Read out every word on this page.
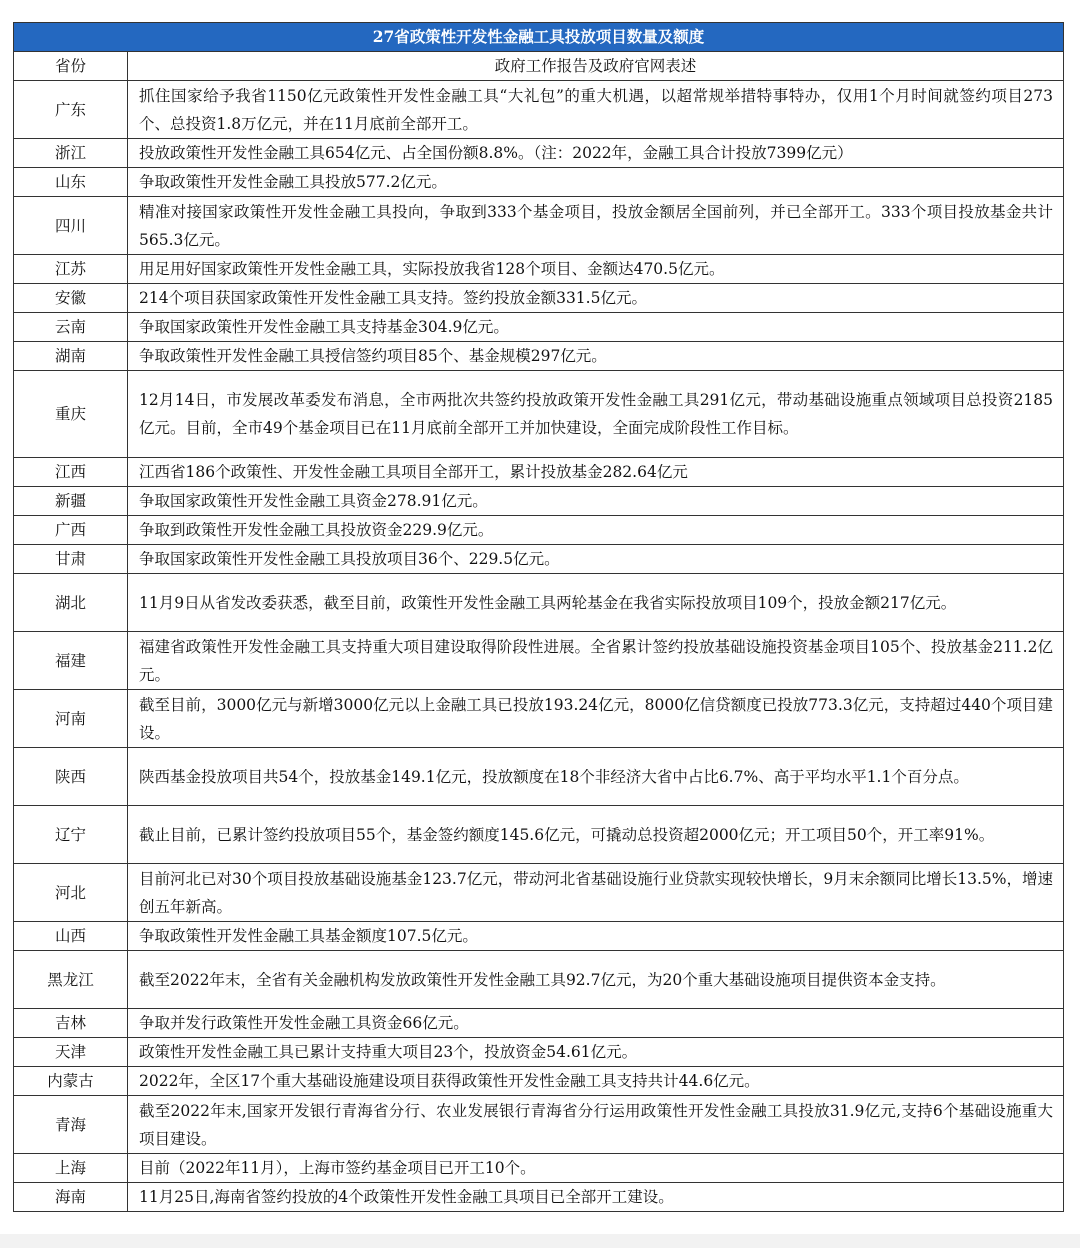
27省政策性开发性金融工具投放项目数量及额度	
省份	政府工作报告及政府官网表述
广东	抓住国家给予我省1150亿元政策性开发性金融工具“大礼包”的重大机遇，以超常规举措特事特办，仅用1个月时间就签约项目273个、总投资1.8万亿元，并在11月底前全部开工。
浙江	投放政策性开发性金融工具654亿元、占全国份额8.8%。（注：2022年，金融工具合计投放7399亿元）
山东	争取政策性开发性金融工具投放577.2亿元。
四川	精准对接国家政策性开发性金融工具投向，争取到333个基金项目，投放金额居全国前列，并已全部开工。333个项目投放基金共计565.3亿元。
江苏	用足用好国家政策性开发性金融工具，实际投放我省128个项目、金额达470.5亿元。
安徽	214个项目获国家政策性开发性金融工具支持。签约投放金额331.5亿元。
云南	争取国家政策性开发性金融工具支持基金304.9亿元。
湖南	争取政策性开发性金融工具授信签约项目85个、基金规模297亿元。
重庆	12月14日，市发展改革委发布消息，全市两批次共签约投放政策开发性金融工具291亿元，带动基础设施重点领域项目总投资2185亿元。目前，全市49个基金项目已在11月底前全部开工并加快建设，全面完成阶段性工作目标。
江西	江西省186个政策性、开发性金融工具项目全部开工，累计投放基金282.64亿元
新疆	争取国家政策性开发性金融工具资金278.91亿元。
广西	争取到政策性开发性金融工具投放资金229.9亿元。
甘肃	争取国家政策性开发性金融工具投放项目36个、229.5亿元。
湖北	11月9日从省发改委获悉，截至目前，政策性开发性金融工具两轮基金在我省实际投放项目109个，投放金额217亿元。
福建	福建省政策性开发性金融工具支持重大项目建设取得阶段性进展。全省累计签约投放基础设施投资基金项目105个、投放基金211.2亿元。
河南	截至目前，3000亿元与新增3000亿元以上金融工具已投放193.24亿元，8000亿信贷额度已投放773.3亿元，支持超过440个项目建设。
陕西	陕西基金投放项目共54个，投放基金149.1亿元，投放额度在18个非经济大省中占比6.7%、高于平均水平1.1个百分点。
辽宁	截止目前，已累计签约投放项目55个，基金签约额度145.6亿元，可撬动总投资超2000亿元；开工项目50个，开工率91%。
河北	目前河北已对30个项目投放基础设施基金123.7亿元，带动河北省基础设施行业贷款实现较快增长，9月末余额同比增长13.5%，增速创五年新高。
山西	争取政策性开发性金融工具基金额度107.5亿元。
黑龙江	截至2022年末，全省有关金融机构发放政策性开发性金融工具92.7亿元，为20个重大基础设施项目提供资本金支持。
吉林	争取并发行政策性开发性金融工具资金66亿元。
天津	政策性开发性金融工具已累计支持重大项目23个，投放资金54.61亿元。
内蒙古	2022年，全区17个重大基础设施建设项目获得政策性开发性金融工具支持共计44.6亿元。
青海	截至2022年末,国家开发银行青海省分行、农业发展银行青海省分行运用政策性开发性金融工具投放31.9亿元,支持6个基础设施重大项目建设。
上海	目前（2022年11月），上海市签约基金项目已开工10个。
海南	11月25日,海南省签约投放的4个政策性开发性金融工具项目已全部开工建设。
